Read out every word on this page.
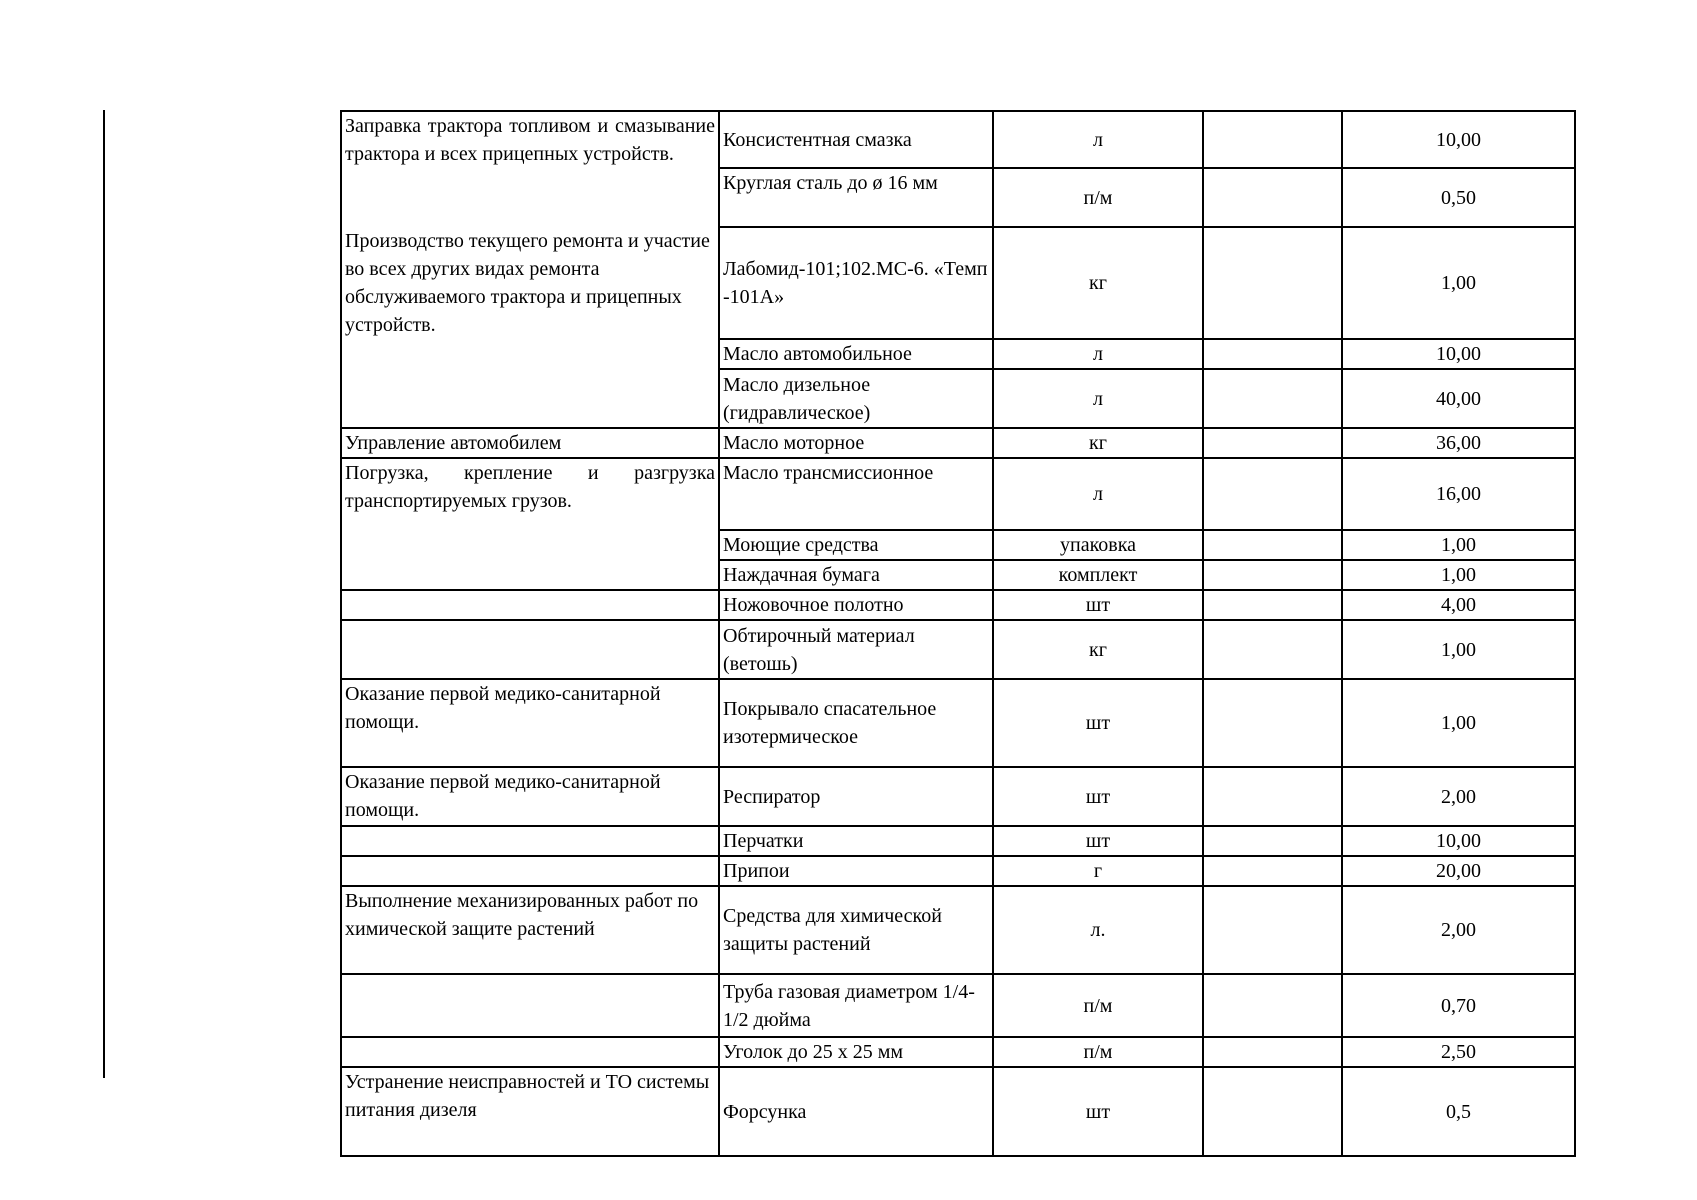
Заправка трактора топливом и смазывание трактора и всех прицепных устройств.	Консистентная смазка	л		10,00
	Круглая сталь до ø 16 мм	п/м		0,50

Производство текущего ремонта и участие во всех других видах ремонта обслуживаемого трактора и прицепных устройств.	Лабомид-101;102.МС-6. «Темп -101А»	кг		1,00
	Масло автомобильное	л		10,00
	Масло дизельное (гидравлическое)	л		40,00

Управление автомобилем	Масло моторное	кг		36,00

Погрузка, крепление и разгрузка транспортируемых грузов.	Масло трансмиссионное	л		16,00
	Моющие средства	упаковка		1,00
	Наждачная бумага	комплект		1,00
	Ножовочное полотно	шт		4,00
	Обтирочный материал (ветошь)	кг		1,00

Оказание первой медико-санитарной помощи.	Покрывало спасательное изотермическое	шт		1,00

Оказание первой медико-санитарной помощи.	Респиратор	шт		2,00
	Перчатки	шт		10,00
	Припои	г		20,00

Выполнение механизированных работ по химической защите растений	Средства для химической защиты растений	л.		2,00
	Труба газовая диаметром 1/4-1/2 дюйма	п/м		0,70
	Уголок до 25 х 25 мм	п/м		2,50

Устранение неисправностей и ТО системы питания дизеля	Форсунка	шт		0,5
